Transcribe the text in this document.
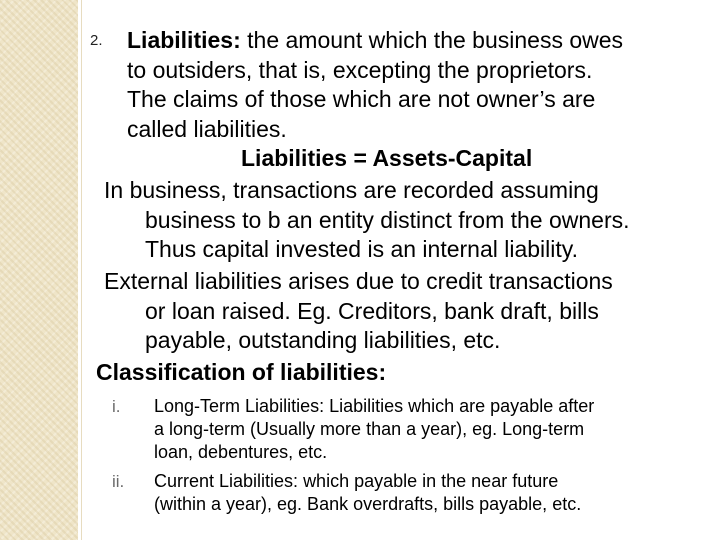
2. Liabilities: the amount which the business owes
to outsiders, that is, excepting the proprietors.
The claims of those which are not owner’s are
called liabilities.
Liabilities = Assets-Capital
In business, transactions are recorded assuming
business to b an entity distinct from the owners.
Thus capital invested is an internal liability.
External liabilities arises due to credit transactions
or loan raised. Eg. Creditors, bank draft, bills
payable, outstanding liabilities, etc.
Classification of liabilities:
i. Long-Term Liabilities: Liabilities which are payable after
a long-term (Usually more than a year), eg. Long-term
loan, debentures, etc.
ii. Current Liabilities: which payable in the near future
(within a year), eg. Bank overdrafts, bills payable, etc.
